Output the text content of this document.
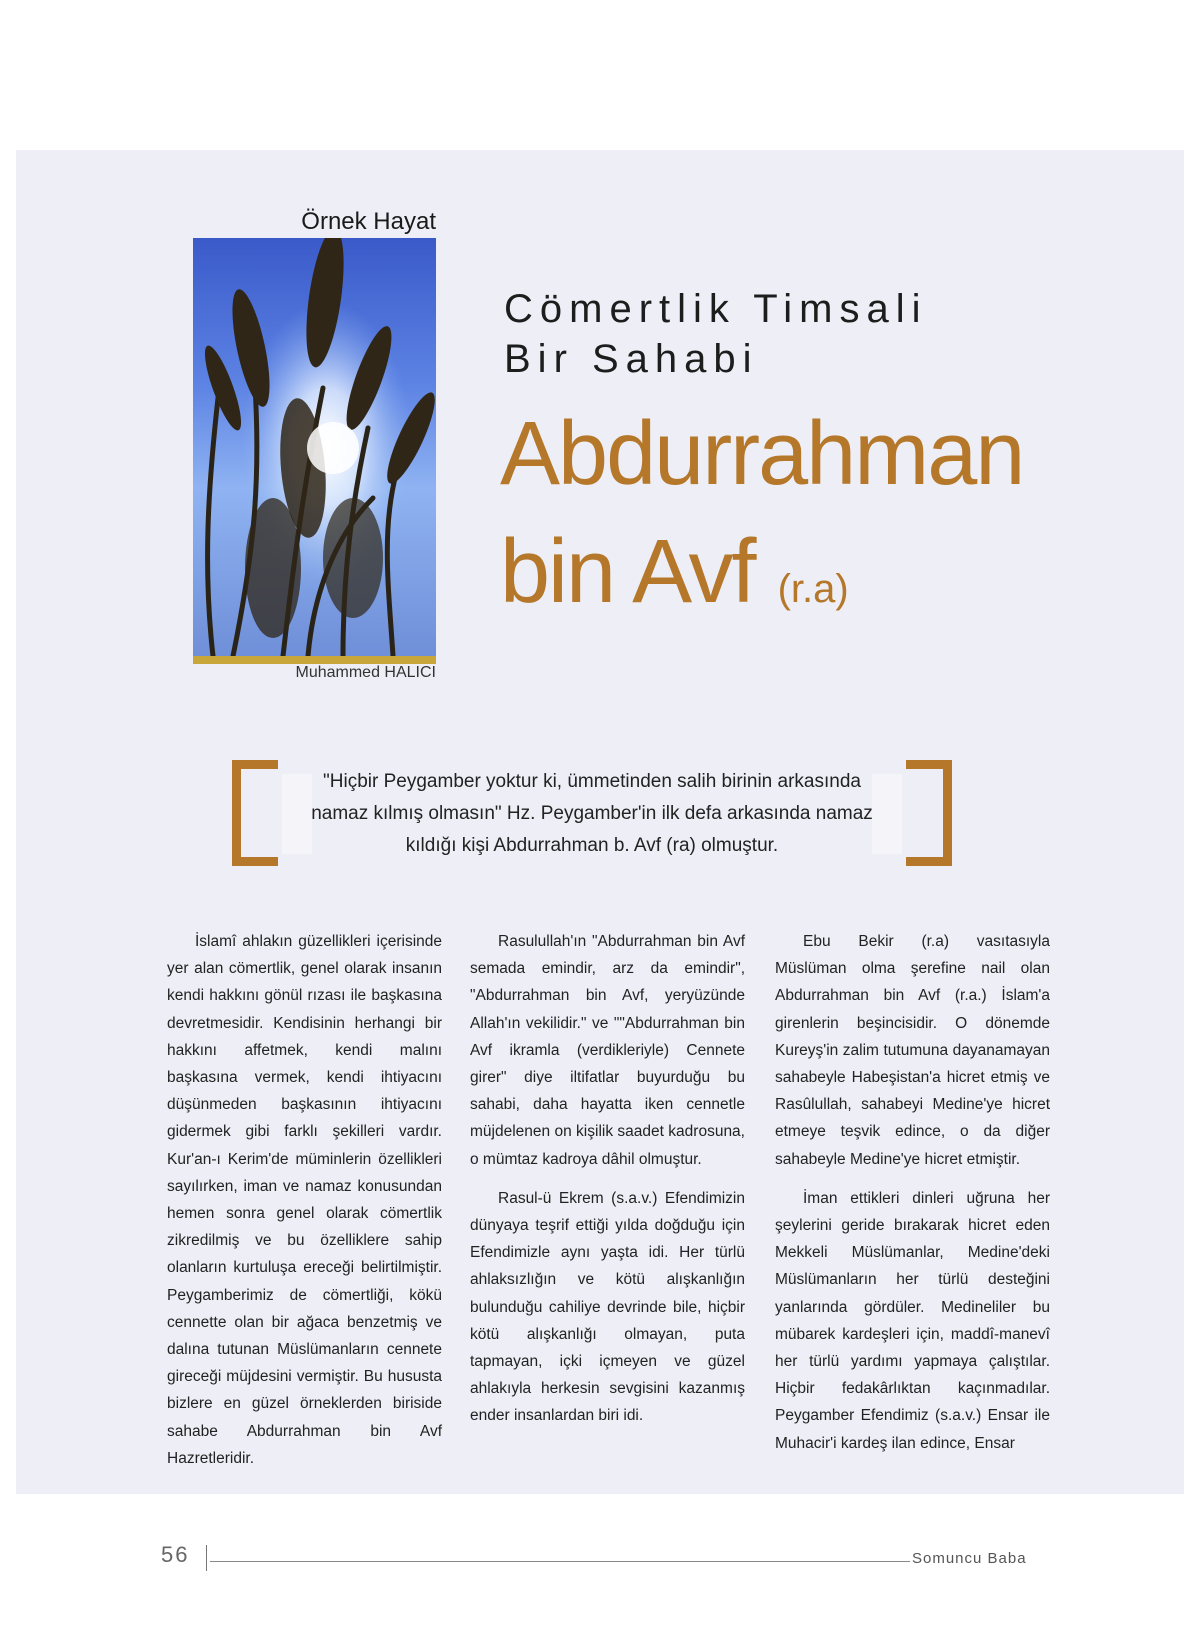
Örnek Hayat
Muhammed HALICI
Cömertlik Timsali
Bir Sahabi
Abdurrahman
bin Avf (r.a)
"Hiçbir Peygamber yoktur ki, ümmetinden salih birinin arkasında namaz kılmış olmasın" Hz. Peygamber'in ilk defa arkasında namaz kıldığı kişi Abdurrahman b. Avf (ra) olmuştur.

İslamî ahlakın güzellikleri içerisinde yer alan cömertlik, genel olarak insanın kendi hakkını gönül rızası ile başkasına devretmesidir. Kendisinin herhangi bir hakkını affetmek, kendi malını başkasına vermek, kendi ihtiyacını düşünmeden başkasının ihtiyacını gidermek gibi farklı şekilleri vardır. Kur'an-ı Kerim'de müminlerin özellikleri sayılırken, iman ve namaz konusundan hemen sonra genel olarak cömertlik zikredilmiş ve bu özelliklere sahip olanların kurtuluşa ereceği belirtilmiştir. Peygamberimiz de cömertliği, kökü cennette olan bir ağaca benzetmiş ve dalına tutunan Müslümanların cennete gireceği müjdesini vermiştir. Bu hususta bizlere en güzel örneklerden biriside sahabe Abdurrahman bin Avf Hazretleridir.

Rasulullah'ın "Abdurrahman bin Avf semada emindir, arz da emindir", "Abdurrahman bin Avf, yeryüzünde Allah'ın vekilidir." ve ""Abdurrahman bin Avf ikramla (verdikleriyle) Cennete girer" diye iltifatlar buyurduğu bu sahabi, daha hayatta iken cennetle müjdelenen on kişilik saadet kadrosuna, o mümtaz kadroya dâhil olmuştur.

Rasul-ü Ekrem (s.a.v.) Efendimizin dünyaya teşrif ettiği yılda doğduğu için Efendimizle aynı yaşta idi. Her türlü ahlaksızlığın ve kötü alışkanlığın bulunduğu cahiliye devrinde bile, hiçbir kötü alışkanlığı olmayan, puta tapmayan, içki içmeyen ve güzel ahlakıyla herkesin sevgisini kazanmış ender insanlardan biri idi.

Ebu Bekir (r.a) vasıtasıyla Müslüman olma şerefine nail olan Abdurrahman bin Avf (r.a.) İslam'a girenlerin beşincisidir. O dönemde Kureyş'in zalim tutumuna dayanamayan sahabeyle Habeşistan'a hicret etmiş ve Rasûlullah, sahabeyi Medine'ye hicret etmeye teşvik edince, o da diğer sahabeyle Medine'ye hicret etmiştir.

İman ettikleri dinleri uğruna her şeylerini geride bırakarak hicret eden Mekkeli Müslümanlar, Medine'deki Müslümanların her türlü desteğini yanlarında gördüler. Medineliler bu mübarek kardeşleri için, maddî-manevî her türlü yardımı yapmaya çalıştılar. Hiçbir fedakârlıktan kaçınmadılar. Peygamber Efendimiz (s.a.v.) Ensar ile Muhacir'i kardeş ilan edince, Ensar

56	Somuncu Baba
